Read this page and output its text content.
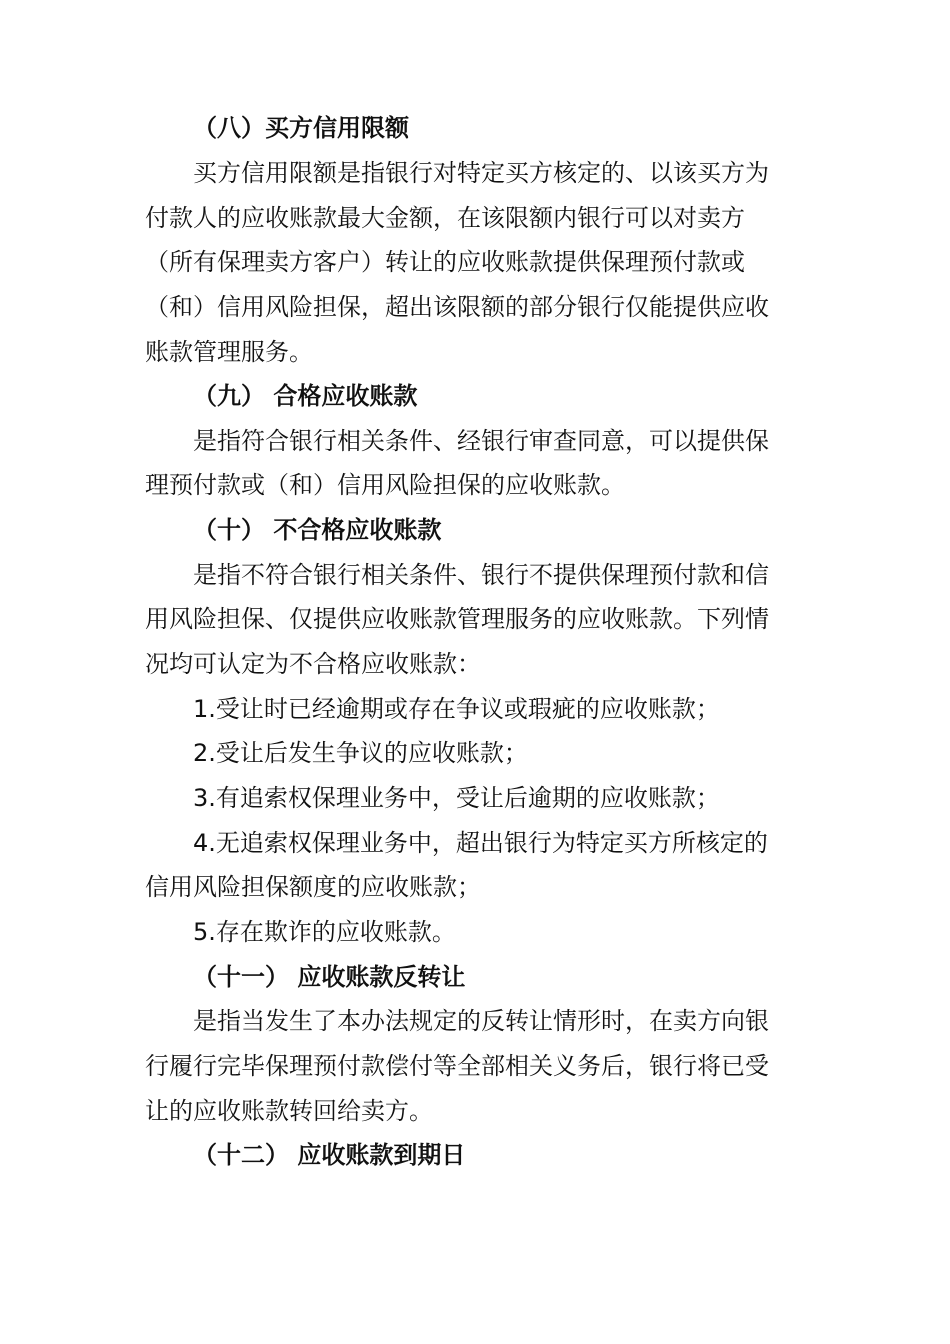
（八）买方信用限额
买方信用限额是指银行对特定买方核定的、以该买方为
付款人的应收账款最大金额，在该限额内银行可以对卖方
（所有保理卖方客户）转让的应收账款提供保理预付款或
（和）信用风险担保，超出该限额的部分银行仅能提供应收
账款管理服务。
（九） 合格应收账款
是指符合银行相关条件、经银行审查同意，可以提供保
理预付款或（和）信用风险担保的应收账款。
（十） 不合格应收账款
是指不符合银行相关条件、银行不提供保理预付款和信
用风险担保、仅提供应收账款管理服务的应收账款。下列情
况均可认定为不合格应收账款：
1.受让时已经逾期或存在争议或瑕疵的应收账款；
2.受让后发生争议的应收账款；
3.有追索权保理业务中，受让后逾期的应收账款；
4.无追索权保理业务中，超出银行为特定买方所核定的
信用风险担保额度的应收账款；
5.存在欺诈的应收账款。
（十一） 应收账款反转让
是指当发生了本办法规定的反转让情形时，在卖方向银
行履行完毕保理预付款偿付等全部相关义务后，银行将已受
让的应收账款转回给卖方。
（十二） 应收账款到期日
